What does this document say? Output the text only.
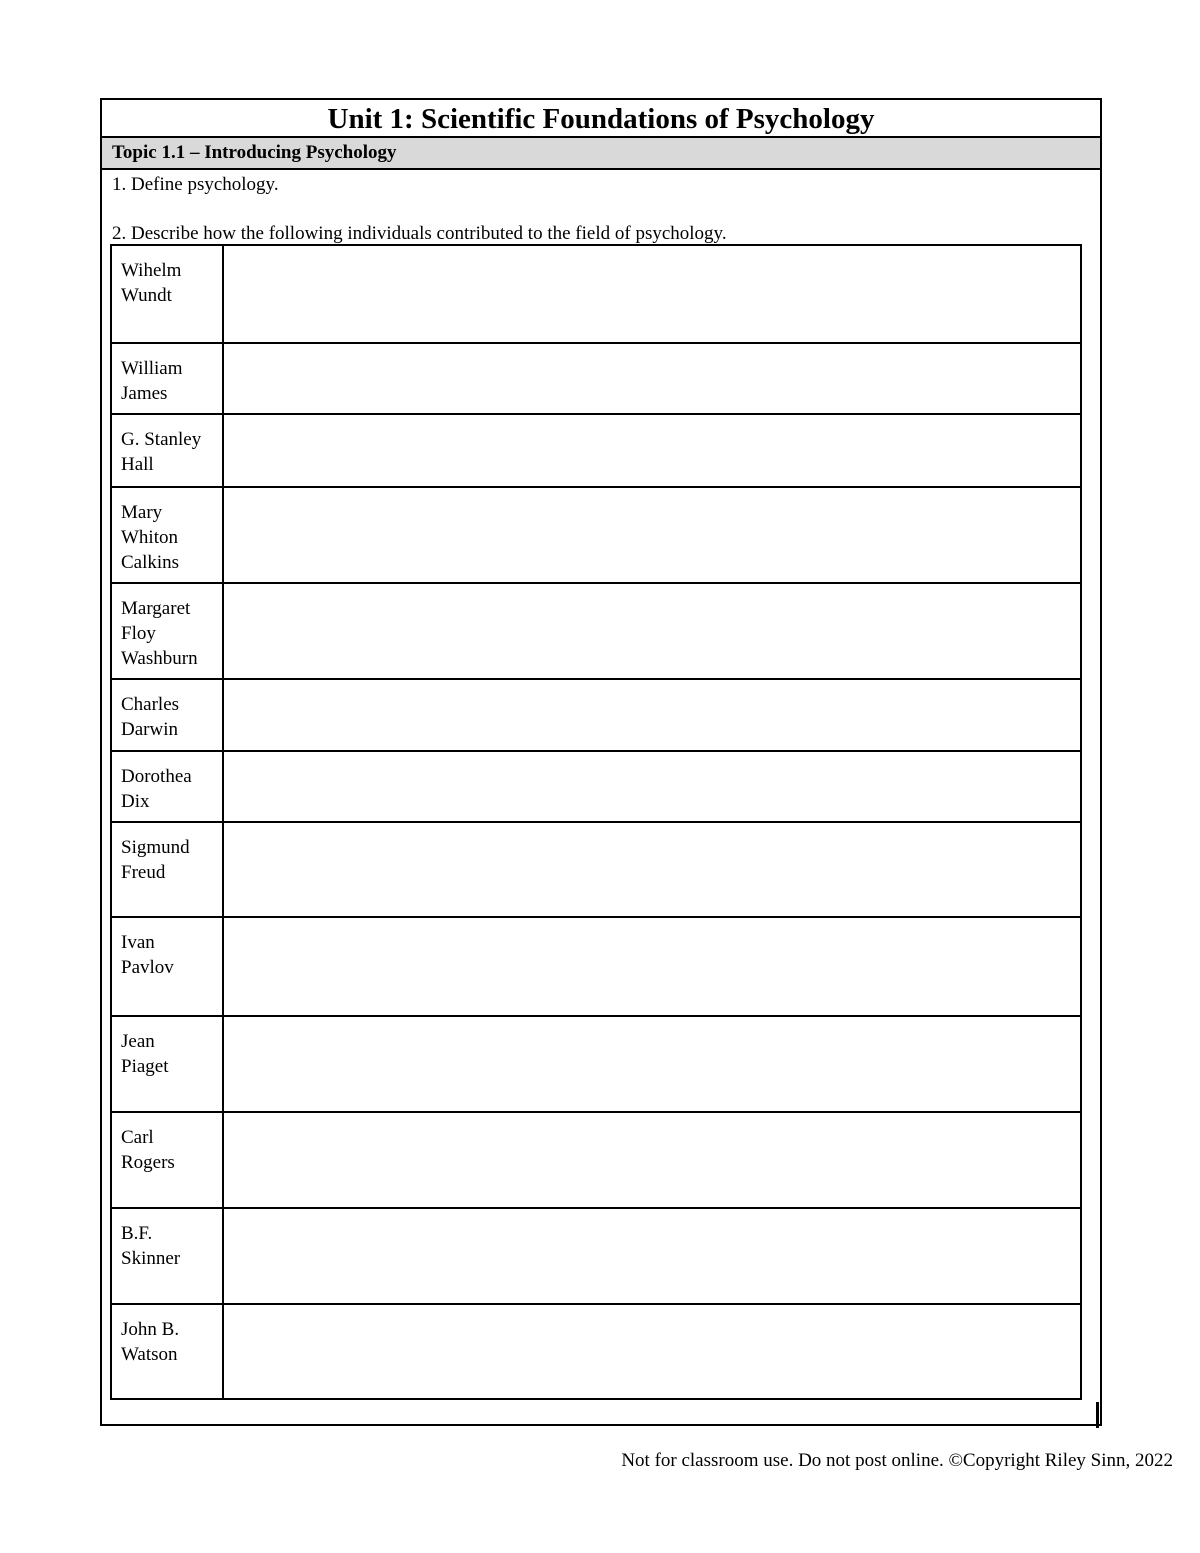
Unit 1: Scientific Foundations of Psychology
Topic 1.1 – Introducing Psychology
1. Define psychology.
2. Describe how the following individuals contributed to the field of psychology.
Wihelm
Wundt	

William
James	

G. Stanley
Hall	

Mary
Whiton
Calkins	

Margaret
Floy
Washburn	

Charles
Darwin	

Dorothea
Dix	

Sigmund
Freud	

Ivan
Pavlov	

Jean
Piaget	

Carl
Rogers	

B.F.
Skinner	

John B.
Watson	

Not for classroom use. Do not post online. ©Copyright Riley Sinn, 2022
